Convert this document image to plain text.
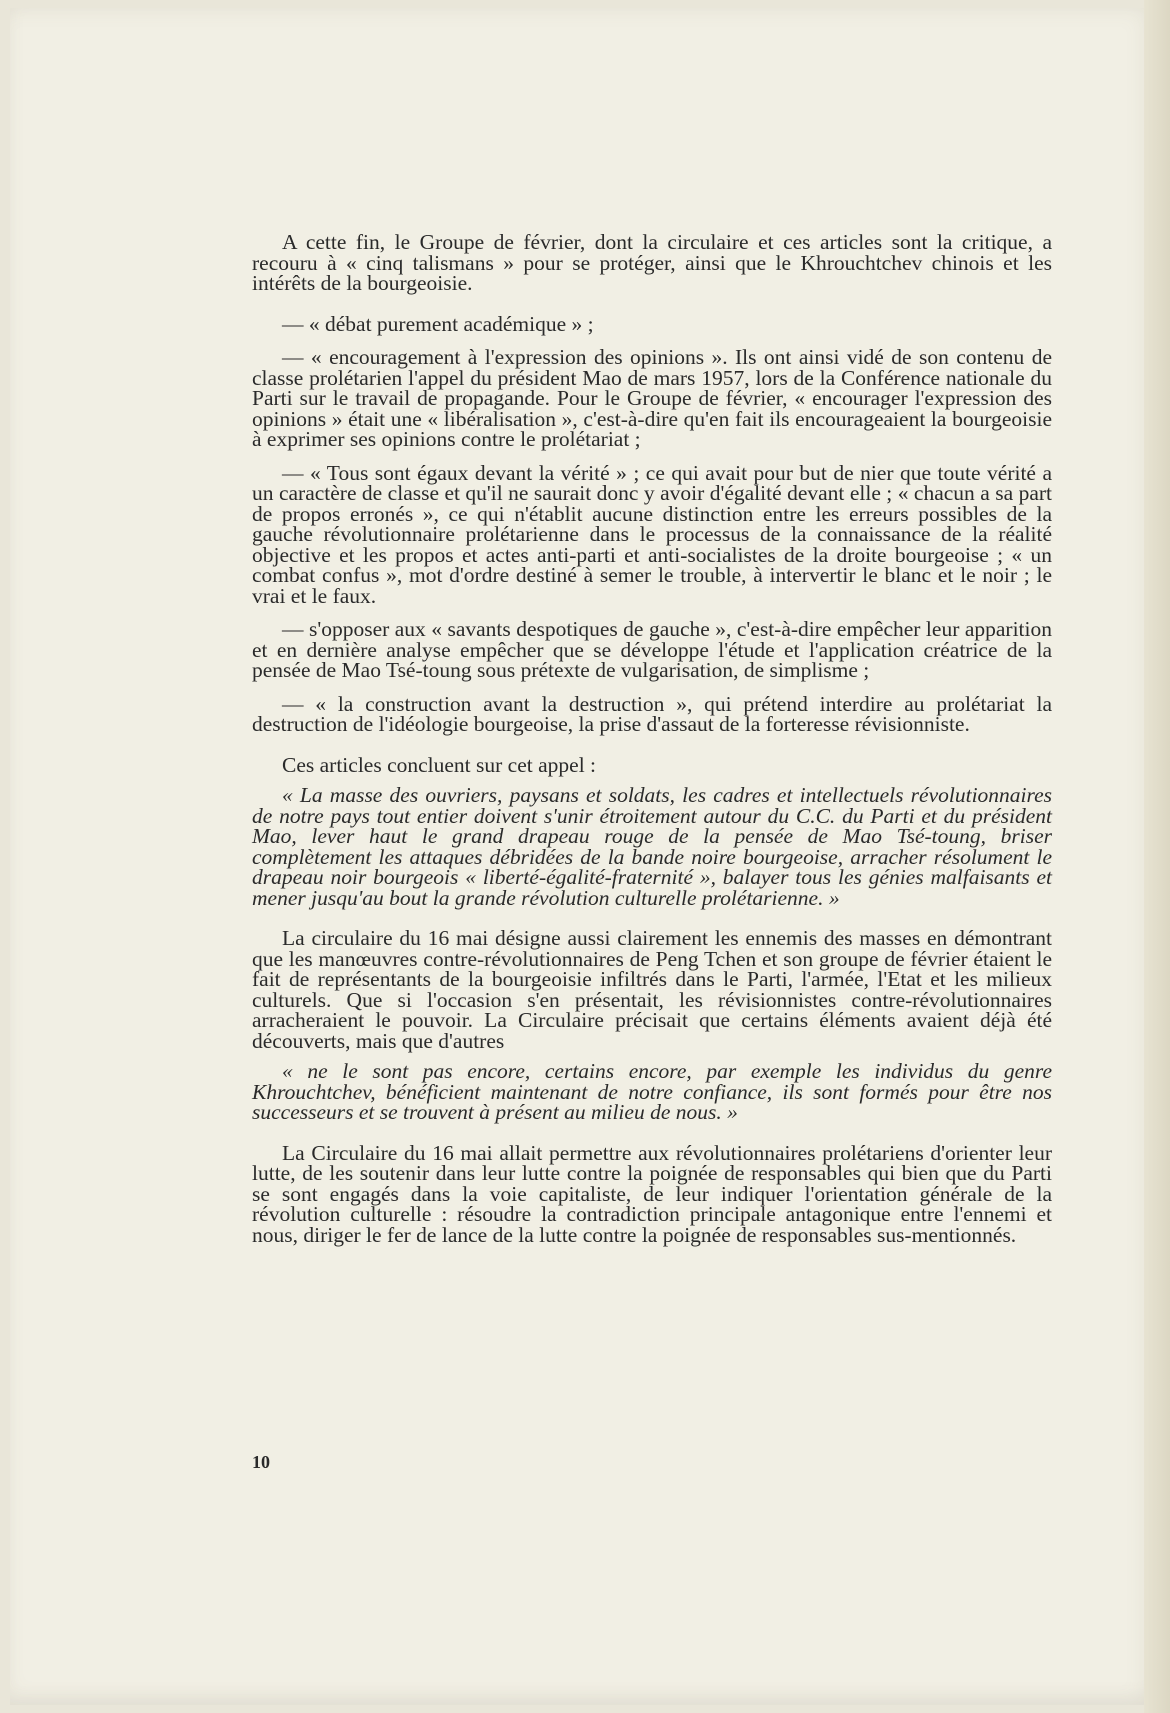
A cette fin, le Groupe de février, dont la circulaire et ces articles sont la critique, a recouru à « cinq talismans » pour se protéger, ainsi que le Khrouchtchev chinois et les intérêts de la bourgeoisie.

— « débat purement académique » ;

— « encouragement à l'expression des opinions ». Ils ont ainsi vidé de son contenu de classe prolétarien l'appel du président Mao de mars 1957, lors de la Conférence nationale du Parti sur le travail de propagande. Pour le Groupe de février, « encourager l'expression des opinions » était une « libéralisation », c'est-à-dire qu'en fait ils encourageaient la bourgeoisie à exprimer ses opinions contre le prolétariat ;

— « Tous sont égaux devant la vérité » ; ce qui avait pour but de nier que toute vérité a un caractère de classe et qu'il ne saurait donc y avoir d'égalité devant elle ; « chacun a sa part de propos erronés », ce qui n'établit aucune distinction entre les erreurs possibles de la gauche révolutionnaire prolétarienne dans le processus de la connaissance de la réalité objective et les propos et actes anti-parti et anti-socialistes de la droite bourgeoise ; « un combat confus », mot d'ordre destiné à semer le trouble, à intervertir le blanc et le noir ; le vrai et le faux.

— s'opposer aux « savants despotiques de gauche », c'est-à-dire empêcher leur apparition et en dernière analyse empêcher que se développe l'étude et l'application créatrice de la pensée de Mao Tsé-toung sous prétexte de vulgarisation, de simplisme ;

— « la construction avant la destruction », qui prétend interdire au prolétariat la destruction de l'idéologie bourgeoise, la prise d'assaut de la forteresse révisionniste.

Ces articles concluent sur cet appel :

« La masse des ouvriers, paysans et soldats, les cadres et intellectuels révolutionnaires de notre pays tout entier doivent s'unir étroitement autour du C.C. du Parti et du président Mao, lever haut le grand drapeau rouge de la pensée de Mao Tsé-toung, briser complètement les attaques débridées de la bande noire bourgeoise, arracher résolument le drapeau noir bourgeois « liberté-égalité-fraternité », balayer tous les génies malfaisants et mener jusqu'au bout la grande révolution culturelle prolétarienne. »

La circulaire du 16 mai désigne aussi clairement les ennemis des masses en démontrant que les manœuvres contre-révolutionnaires de Peng Tchen et son groupe de février étaient le fait de représentants de la bourgeoisie infiltrés dans le Parti, l'armée, l'Etat et les milieux culturels. Que si l'occasion s'en présentait, les révisionnistes contre-révolutionnaires arracheraient le pouvoir. La Circulaire précisait que certains éléments avaient déjà été découverts, mais que d'autres

« ne le sont pas encore, certains encore, par exemple les individus du genre Khrouchtchev, bénéficient maintenant de notre confiance, ils sont formés pour être nos successeurs et se trouvent à présent au milieu de nous. »

La Circulaire du 16 mai allait permettre aux révolutionnaires prolétariens d'orienter leur lutte, de les soutenir dans leur lutte contre la poignée de responsables qui bien que du Parti se sont engagés dans la voie capitaliste, de leur indiquer l'orientation générale de la révolution culturelle : résoudre la contradiction principale antagonique entre l'ennemi et nous, diriger le fer de lance de la lutte contre la poignée de responsables sus-mentionnés.

10
